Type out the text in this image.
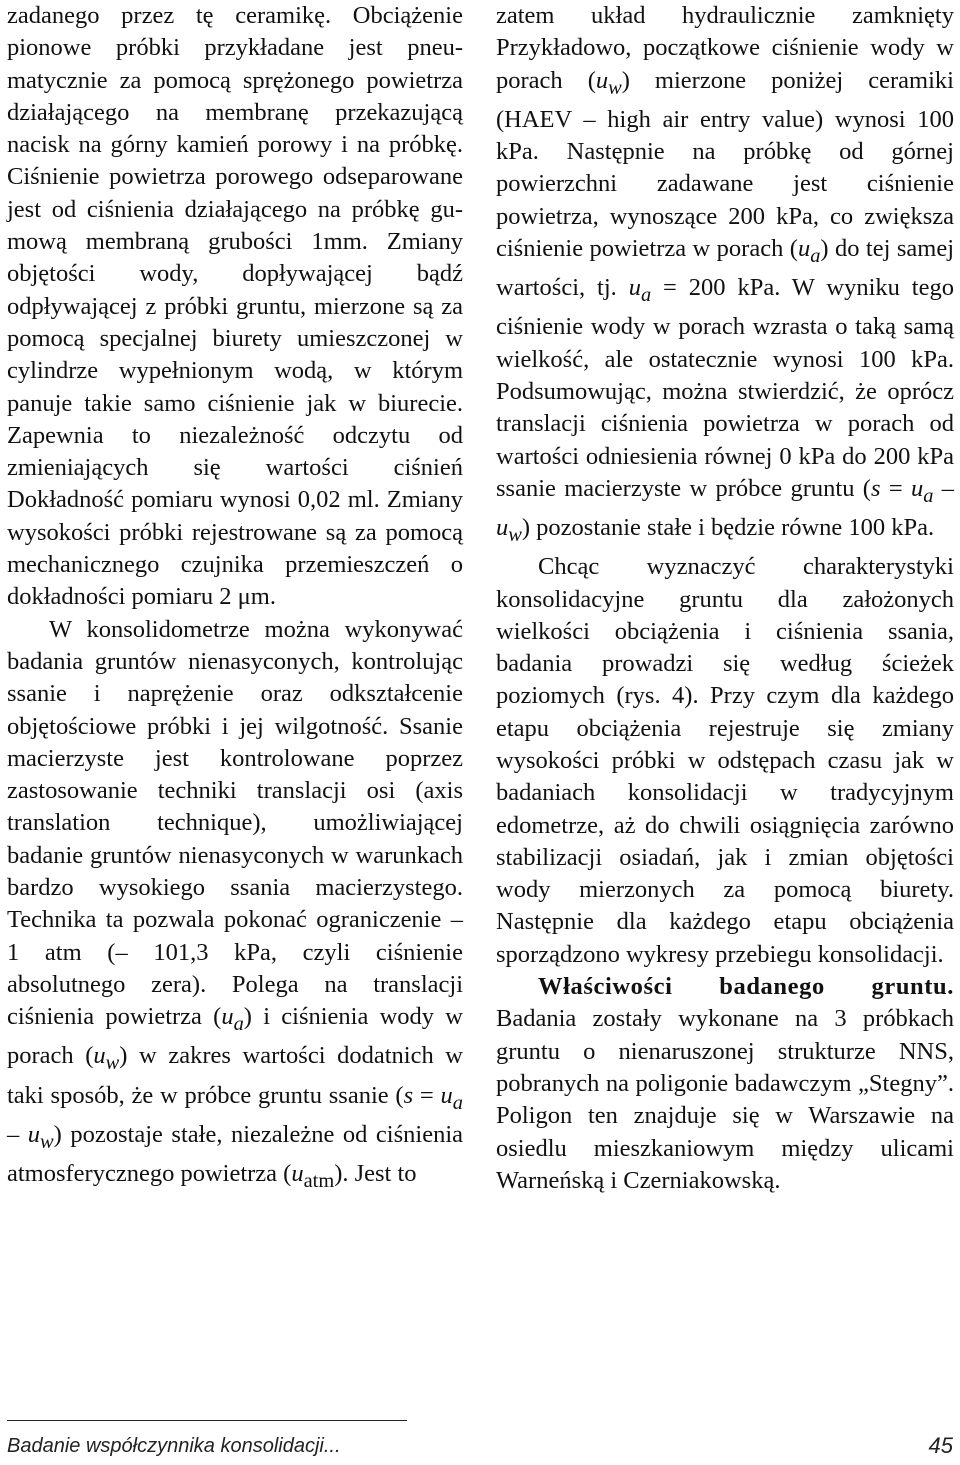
zadanego przez tę ceramikę. Obciążenie pionowe próbki przykładane jest pneumatycznie za pomocą sprężonego powietrza działającego na membranę przekazującą nacisk na górny kamień porowy i na próbkę. Ciśnienie powietrza porowego odseparowane jest od ciśnienia działającego na próbkę gumową membraną grubości 1mm. Zmiany objętości wody, dopływającej bądź odpływającej z próbki gruntu, mierzone są za pomocą specjalnej biurety umieszczonej w cylindrze wypełnionym wodą, w którym panuje takie samo ciśnienie jak w biurecie. Zapewnia to niezależność odczytu od zmieniających się wartości ciśnień Dokładność pomiaru wynosi 0,02 ml. Zmiany wysokości próbki rejestrowane są za pomocą mechanicznego czujnika przemieszczeń o dokładności pomiaru 2 μm.

W konsolidometrze można wykonywać badania gruntów nienasyconych, kontrolując ssanie i naprężenie oraz odkształcenie objętościowe próbki i jej wilgotność. Ssanie macierzyste jest kontrolowane poprzez zastosowanie techniki translacji osi (axis translation technique), umożliwiającej badanie gruntów nienasyconych w warunkach bardzo wysokiego ssania macierzystego. Technika ta pozwala pokonać ograniczenie – 1 atm (– 101,3 kPa, czyli ciśnienie absolutnego zera). Polega na translacji ciśnienia powietrza $(u_a)$ i ciśnienia wody w porach $(u_w)$ w zakres wartości dodatnich w taki sposób, że w próbce gruntu ssanie $(s = u_a - u_w)$ pozostaje stałe, niezależne od ciśnienia atmosferycznego powietrza $(u_{atm})$. Jest to

zatem układ hydraulicznie zamknięty Przykładowo, początkowe ciśnienie wody w porach $(u_w)$ mierzone poniżej ceramiki (HAEV – high air entry value) wynosi 100 kPa. Następnie na próbkę od górnej powierzchni zadawane jest ciśnienie powietrza, wynoszące 200 kPa, co zwiększa ciśnienie powietrza w porach $(u_a)$ do tej samej wartości, tj. $u_a = 200$ kPa. W wyniku tego ciśnienie wody w porach wzrasta o taką samą wielkość, ale ostatecznie wynosi 100 kPa. Podsumowując, można stwierdzić, że oprócz translacji ciśnienia powietrza w porach od wartości odniesienia równej 0 kPa do 200 kPa ssanie macierzyste w próbce gruntu $(s = u_a - u_w)$ pozostanie stałe i będzie równe 100 kPa.

Chcąc wyznaczyć charakterystyki konsolidacyjne gruntu dla założonych wielkości obciążenia i ciśnienia ssania, badania prowadzi się według ścieżek poziomych (rys. 4). Przy czym dla każdego etapu obciążenia rejestruje się zmiany wysokości próbki w odstępach czasu jak w badaniach konsolidacji w tradycyjnym edometrze, aż do chwili osiągnięcia zarówno stabilizacji osiadań, jak i zmian objętości wody mierzonych za pomocą biurety. Następnie dla każdego etapu obciążenia sporządzono wykresy przebiegu konsolidacji.

Właściwości badanego gruntu. Badania zostały wykonane na 3 próbkach gruntu o nienaruszonej strukturze NNS, pobranych na poligonie badawczym „Stegny”. Poligon ten znajduje się w Warszawie na osiedlu mieszkaniowym między ulicami Warneńską i Czerniakowską.

Badanie współczynnika konsolidacji...	45
